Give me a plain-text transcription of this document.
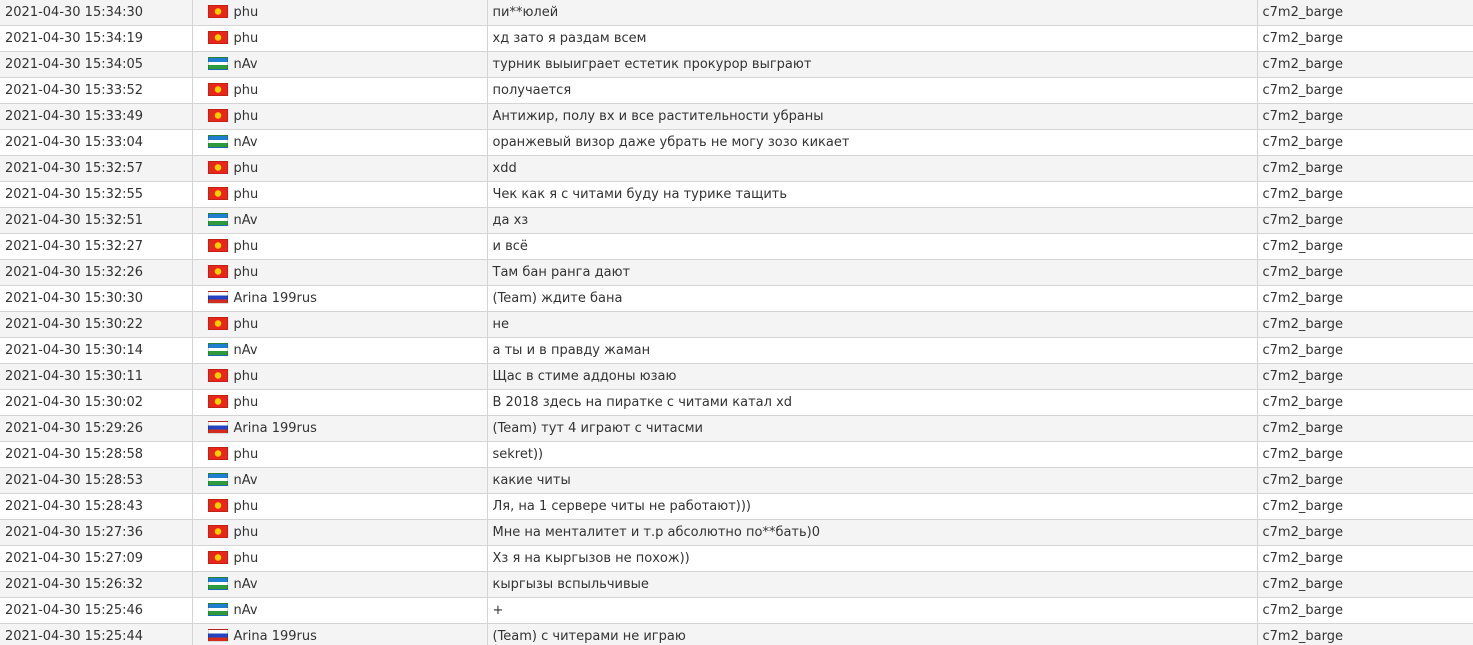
2021-04-30 15:34:30	phu	пи**юлей	c7m2_barge
2021-04-30 15:34:19	phu	хд зато я раздам всем	c7m2_barge
2021-04-30 15:34:05	nAv	турник выыиграет естетик прокурор выграют	c7m2_barge
2021-04-30 15:33:52	phu	получается	c7m2_barge
2021-04-30 15:33:49	phu	Антижир, полу вх и все растительности убраны	c7m2_barge
2021-04-30 15:33:04	nAv	оранжевый визор даже убрать не могу зозо кикает	c7m2_barge
2021-04-30 15:32:57	phu	xdd	c7m2_barge
2021-04-30 15:32:55	phu	Чек как я с читами буду на турике тащить	c7m2_barge
2021-04-30 15:32:51	nAv	да хз	c7m2_barge
2021-04-30 15:32:27	phu	и всё	c7m2_barge
2021-04-30 15:32:26	phu	Там бан ранга дают	c7m2_barge
2021-04-30 15:30:30	Arina 199rus	(Team) ждите бана	c7m2_barge
2021-04-30 15:30:22	phu	не	c7m2_barge
2021-04-30 15:30:14	nAv	а ты и в правду жаман	c7m2_barge
2021-04-30 15:30:11	phu	Щас в стиме аддоны юзаю	c7m2_barge
2021-04-30 15:30:02	phu	В 2018 здесь на пиратке с читами катал xd	c7m2_barge
2021-04-30 15:29:26	Arina 199rus	(Team) тут 4 играют с читасми	c7m2_barge
2021-04-30 15:28:58	phu	sekret))	c7m2_barge
2021-04-30 15:28:53	nAv	какие читы	c7m2_barge
2021-04-30 15:28:43	phu	Ля, на 1 сервере читы не работают)))	c7m2_barge
2021-04-30 15:27:36	phu	Мне на менталитет и т.р абсолютно по**бать)0	c7m2_barge
2021-04-30 15:27:09	phu	Хз я на кыргызов не похож))	c7m2_barge
2021-04-30 15:26:32	nAv	кыргызы вспыльчивые	c7m2_barge
2021-04-30 15:25:46	nAv	+	c7m2_barge
2021-04-30 15:25:44	Arina 199rus	(Team) с читерами не играю	c7m2_barge
